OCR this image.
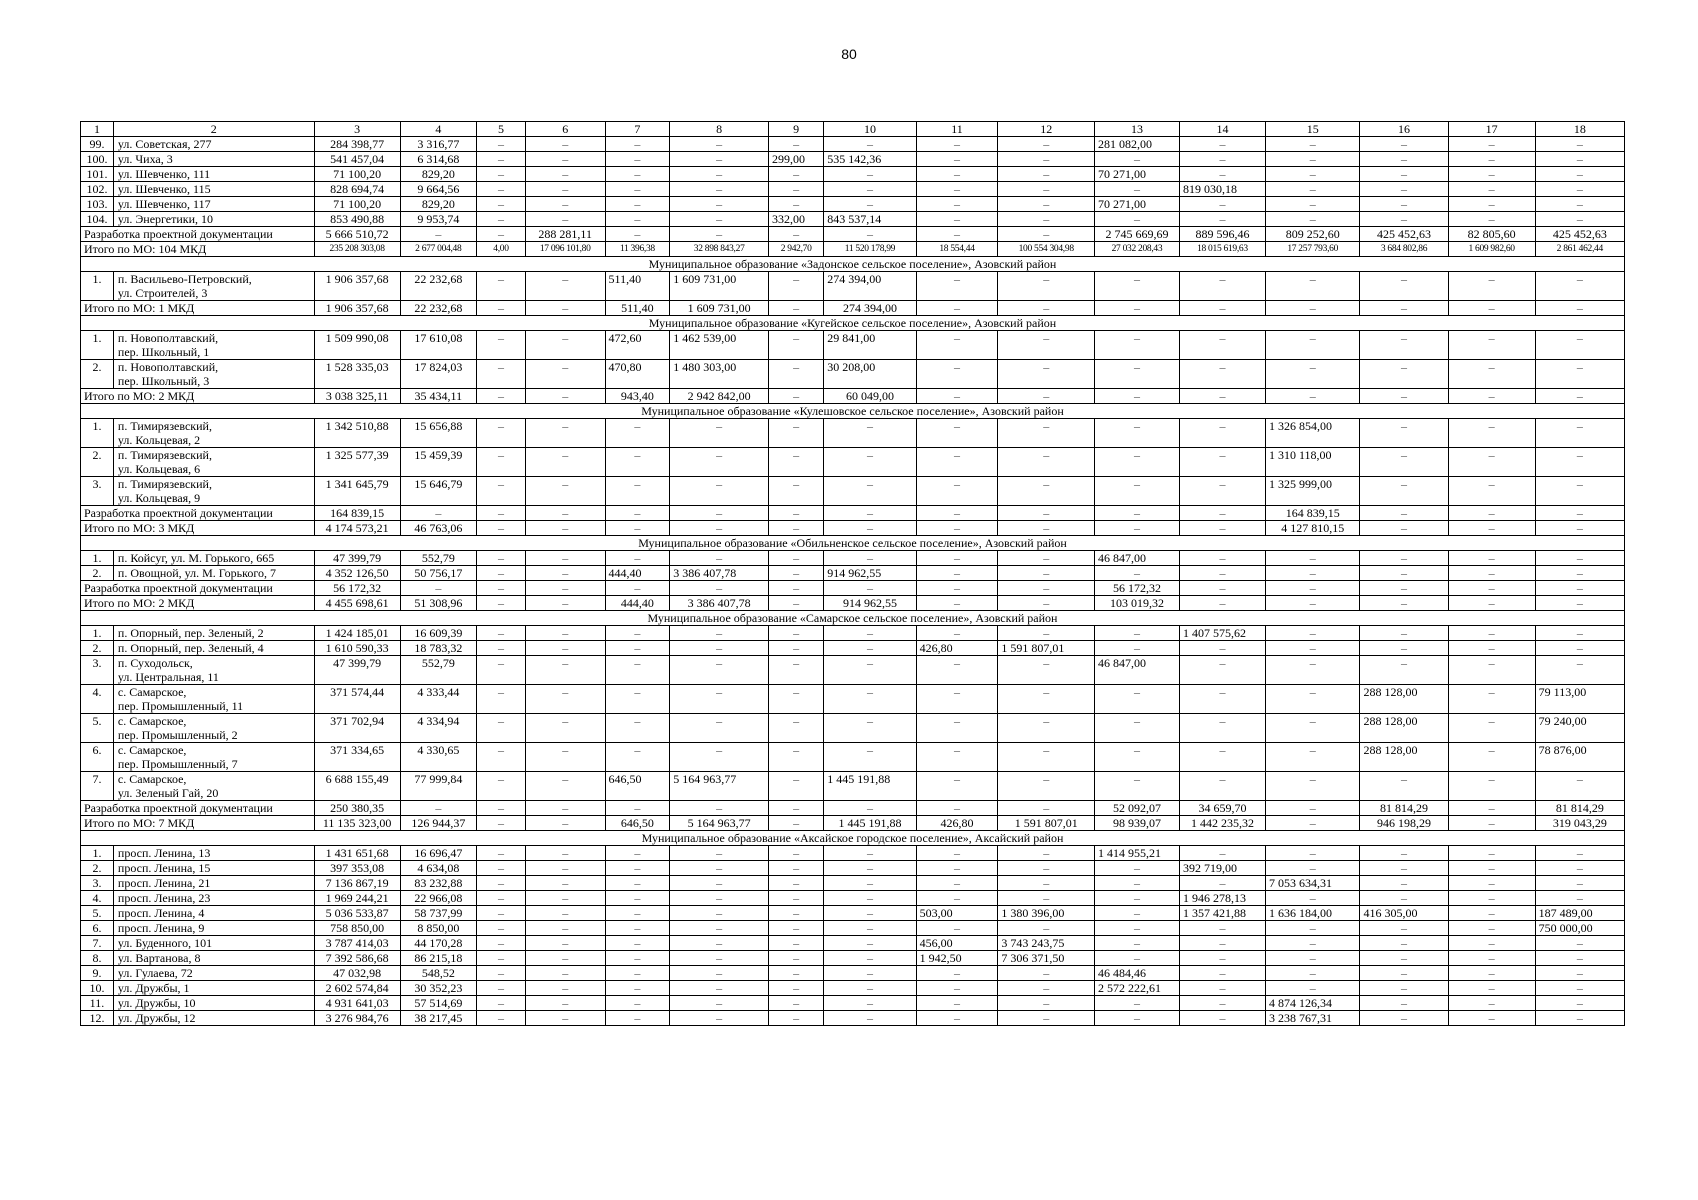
80
1	2	3	4	5	6	7	8	9	10	11	12	13	14	15	16	17	18
99.	ул. Советская, 277	284 398,77	3 316,77	–	–	–	–	–	–	–	–	281 082,00	–	–	–	–	–
100.	ул. Чиха, 3	541 457,04	6 314,68	–	–	–	–	299,00	535 142,36	–	–	–	–	–	–	–	–
101.	ул. Шевченко, 111	71 100,20	829,20	–	–	–	–	–	–	–	–	70 271,00	–	–	–	–	–
102.	ул. Шевченко, 115	828 694,74	9 664,56	–	–	–	–	–	–	–	–	–	819 030,18	–	–	–	–
103.	ул. Шевченко, 117	71 100,20	829,20	–	–	–	–	–	–	–	–	70 271,00	–	–	–	–	–
104.	ул. Энергетики, 10	853 490,88	9 953,74	–	–	–	–	332,00	843 537,14	–	–	–	–	–	–	–	–
Разработка проектной документации		5 666 510,72	–	–	288 281,11	–	–	–	–	–	–	2 745 669,69	889 596,46	809 252,60	425 452,63	82 805,60	425 452,63
Итого по МО: 104 МКД		235 208 303,08	2 677 004,48	4,00	17 096 101,80	11 396,38	32 898 843,27	2 942,70	11 520 178,99	18 554,44	100 554 304,98	27 032 208,43	18 015 619,63	17 257 793,60	3 684 802,86	1 609 982,60	2 861 462,44
Муниципальное образование «Задонское сельское поселение», Азовский район																	
1.	п. Васильево-Петровский,
ул. Строителей, 3	1 906 357,68	22 232,68	–	–	511,40	1 609 731,00	–	274 394,00	–	–	–	–	–	–	–	–
Итого по МО: 1 МКД		1 906 357,68	22 232,68	–	–	511,40	1 609 731,00	–	274 394,00	–	–	–	–	–	–	–	–
Муниципальное образование «Кугейское сельское поселение», Азовский район																	
1.	п. Новополтавский,
пер. Школьный, 1	1 509 990,08	17 610,08	–	–	472,60	1 462 539,00	–	29 841,00	–	–	–	–	–	–	–	–
2.	п. Новополтавский,
пер. Школьный, 3	1 528 335,03	17 824,03	–	–	470,80	1 480 303,00	–	30 208,00	–	–	–	–	–	–	–	–
Итого по МО: 2 МКД		3 038 325,11	35 434,11	–	–	943,40	2 942 842,00	–	60 049,00	–	–	–	–	–	–	–	–
Муниципальное образование «Кулешовское сельское поселение», Азовский район																	
1.	п. Тимирязевский,
ул. Кольцевая, 2	1 342 510,88	15 656,88	–	–	–	–	–	–	–	–	–	–	1 326 854,00	–	–	–
2.	п. Тимирязевский,
ул. Кольцевая, 6	1 325 577,39	15 459,39	–	–	–	–	–	–	–	–	–	–	1 310 118,00	–	–	–
3.	п. Тимирязевский,
ул. Кольцевая, 9	1 341 645,79	15 646,79	–	–	–	–	–	–	–	–	–	–	1 325 999,00	–	–	–
Разработка проектной документации		164 839,15	–	–	–	–	–	–	–	–	–	–	–	164 839,15	–	–	–
Итого по МО: 3 МКД		4 174 573,21	46 763,06	–	–	–	–	–	–	–	–	–	–	4 127 810,15	–	–	–
Муниципальное образование «Обильненское сельское поселение», Азовский район																	
1.	п. Койсуг, ул. М. Горького, 665	47 399,79	552,79	–	–	–	–	–	–	–	–	46 847,00	–	–	–	–	–
2.	п. Овощной, ул. М. Горького, 7	4 352 126,50	50 756,17	–	–	444,40	3 386 407,78	–	914 962,55	–	–	–	–	–	–	–	–
Разработка проектной документации		56 172,32	–	–	–	–	–	–	–	–	–	56 172,32	–	–	–	–	–
Итого по МО: 2 МКД		4 455 698,61	51 308,96	–	–	444,40	3 386 407,78	–	914 962,55	–	–	103 019,32	–	–	–	–	–
Муниципальное образование «Самарское сельское поселение», Азовский район																	
1.	п. Опорный, пер. Зеленый, 2	1 424 185,01	16 609,39	–	–	–	–	–	–	–	–	–	1 407 575,62	–	–	–	–
2.	п. Опорный, пер. Зеленый, 4	1 610 590,33	18 783,32	–	–	–	–	–	–	426,80	1 591 807,01	–	–	–	–	–	–
3.	п. Суходольск,
ул. Центральная, 11	47 399,79	552,79	–	–	–	–	–	–	–	–	46 847,00	–	–	–	–	–
4.	с. Самарское,
пер. Промышленный, 11	371 574,44	4 333,44	–	–	–	–	–	–	–	–	–	–	–	288 128,00	–	79 113,00
5.	с. Самарское,
пер. Промышленный, 2	371 702,94	4 334,94	–	–	–	–	–	–	–	–	–	–	–	288 128,00	–	79 240,00
6.	с. Самарское,
пер. Промышленный, 7	371 334,65	4 330,65	–	–	–	–	–	–	–	–	–	–	–	288 128,00	–	78 876,00
7.	с. Самарское,
ул. Зеленый Гай, 20	6 688 155,49	77 999,84	–	–	646,50	5 164 963,77	–	1 445 191,88	–	–	–	–	–	–	–	–
Разработка проектной документации		250 380,35	–	–	–	–	–	–	–	–	–	52 092,07	34 659,70	–	81 814,29	–	81 814,29
Итого по МО: 7 МКД		11 135 323,00	126 944,37	–	–	646,50	5 164 963,77	–	1 445 191,88	426,80	1 591 807,01	98 939,07	1 442 235,32	–	946 198,29	–	319 043,29
Муниципальное образование «Аксайское городское поселение», Аксайский район																	
1.	просп. Ленина, 13	1 431 651,68	16 696,47	–	–	–	–	–	–	–	–	1 414 955,21	–	–	–	–	–
2.	просп. Ленина, 15	397 353,08	4 634,08	–	–	–	–	–	–	–	–	–	392 719,00	–	–	–	–
3.	просп. Ленина, 21	7 136 867,19	83 232,88	–	–	–	–	–	–	–	–	–	–	7 053 634,31	–	–	–
4.	просп. Ленина, 23	1 969 244,21	22 966,08	–	–	–	–	–	–	–	–	–	1 946 278,13	–	–	–	–
5.	просп. Ленина, 4	5 036 533,87	58 737,99	–	–	–	–	–	–	503,00	1 380 396,00	–	1 357 421,88	1 636 184,00	416 305,00	–	187 489,00
6.	просп. Ленина, 9	758 850,00	8 850,00	–	–	–	–	–	–	–	–	–	–	–	–	–	750 000,00
7.	ул. Буденного, 101	3 787 414,03	44 170,28	–	–	–	–	–	–	456,00	3 743 243,75	–	–	–	–	–	–
8.	ул. Вартанова, 8	7 392 586,68	86 215,18	–	–	–	–	–	–	1 942,50	7 306 371,50	–	–	–	–	–	–
9.	ул. Гулаева, 72	47 032,98	548,52	–	–	–	–	–	–	–	–	46 484,46	–	–	–	–	–
10.	ул. Дружбы, 1	2 602 574,84	30 352,23	–	–	–	–	–	–	–	–	2 572 222,61	–	–	–	–	–
11.	ул. Дружбы, 10	4 931 641,03	57 514,69	–	–	–	–	–	–	–	–	–	–	4 874 126,34	–	–	–
12.	ул. Дружбы, 12	3 276 984,76	38 217,45	–	–	–	–	–	–	–	–	–	–	3 238 767,31	–	–	–
